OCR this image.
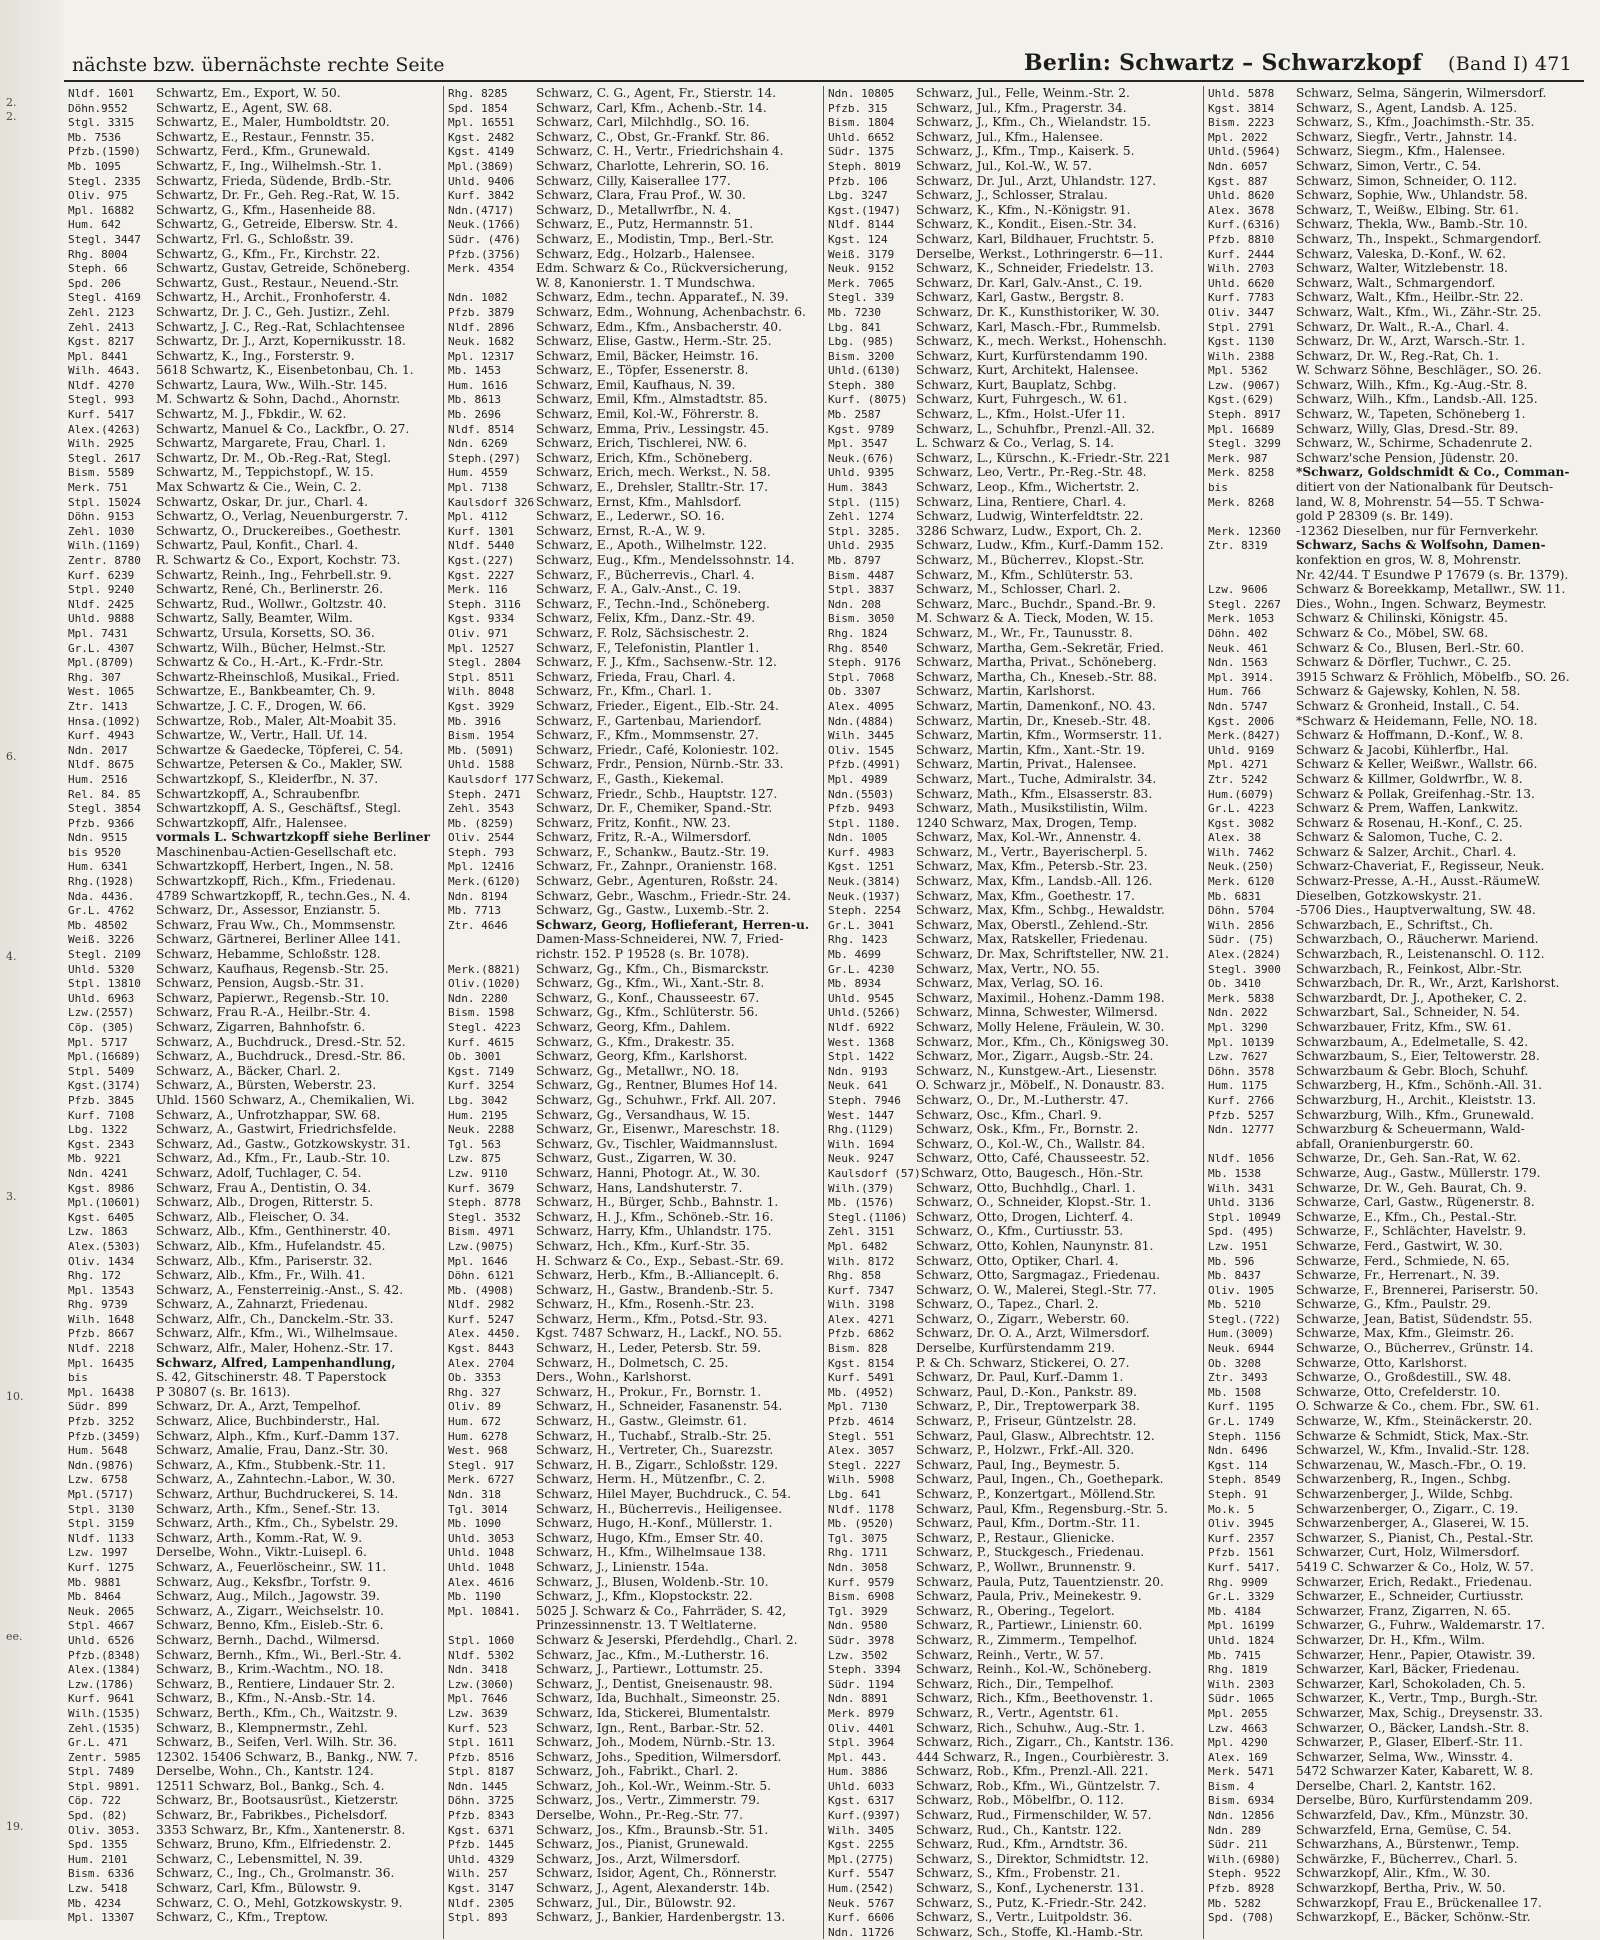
nächste bzw. übernächste rechte Seite	Berlin: Schwartz – Schwarzkopf (Band I) 471
2.
2.
6.
4.
3.
10.
ee.
19.
Nldf. 1601	Schwartz, Em., Export, W. 50.
Döhn.9552	Schwartz, E., Agent, SW. 68.
Stgl. 3315	Schwartz, E., Maler, Humboldtstr. 20.
Mb. 7536	Schwartz, E., Restaur., Fennstr. 35.
Pfzb.(1590)	Schwartz, Ferd., Kfm., Grunewald.
Mb. 1095	Schwartz, F., Ing., Wilhelmsh.-Str. 1.
Stegl. 2335	Schwartz, Frieda, Südende, Brdb.-Str.
Oliv. 975	Schwartz, Dr. Fr., Geh. Reg.-Rat, W. 15.
Mpl. 16882	Schwartz, G., Kfm., Hasenheide 88.
Hum. 642	Schwartz, G., Getreide, Elbersw. Str. 4.
Stegl. 3447	Schwartz, Frl. G., Schloßstr. 39.
Rhg. 8004	Schwartz, G., Kfm., Fr., Kirchstr. 22.
Steph. 66	Schwartz, Gustav, Getreide, Schöneberg.
Spd. 206	Schwartz, Gust., Restaur., Neuend.-Str.
Stegl. 4169	Schwartz, H., Archit., Fronhoferstr. 4.
Zehl. 2123	Schwartz, Dr. J. C., Geh. Justizr., Zehl.
Zehl. 2413	Schwartz, J. C., Reg.-Rat, Schlachtensee
Kgst. 8217	Schwartz, Dr. J., Arzt, Kopernikusstr. 18.
Mpl. 8441	Schwartz, K., Ing., Forsterstr. 9.
Wilh. 4643.	5618 Schwartz, K., Eisenbetonbau, Ch. 1.
Nldf. 4270	Schwartz, Laura, Ww., Wilh.-Str. 145.
Stegl. 993	M. Schwartz & Sohn, Dachd., Ahornstr.
Kurf. 5417	Schwartz, M. J., Fbkdir., W. 62.
Alex.(4263)	Schwartz, Manuel & Co., Lackfbr., O. 27.
Wilh. 2925	Schwartz, Margarete, Frau, Charl. 1.
Stegl. 2617	Schwartz, Dr. M., Ob.-Reg.-Rat, Stegl.
Bism. 5589	Schwartz, M., Teppichstopf., W. 15.
Merk. 751	Max Schwartz & Cie., Wein, C. 2.
Stpl. 15024	Schwartz, Oskar, Dr. jur., Charl. 4.
Döhn. 9153	Schwartz, O., Verlag, Neuenburgerstr. 7.
Zehl. 1030	Schwartz, O., Druckereibes., Goethestr.
Wilh.(1169)	Schwartz, Paul, Konfit., Charl. 4.
Zentr. 8780	R. Schwartz & Co., Export, Kochstr. 73.
Kurf. 6239	Schwartz, Reinh., Ing., Fehrbell.str. 9.
Stpl. 9240	Schwartz, René, Ch., Berlinerstr. 26.
Nldf. 2425	Schwartz, Rud., Wollwr., Goltzstr. 40.
Uhld. 9888	Schwartz, Sally, Beamter, Wilm.
Mpl. 7431	Schwartz, Ursula, Korsetts, SO. 36.
Gr.L. 4307	Schwartz, Wilh., Bücher, Helmst.-Str.
Mpl.(8709)	Schwartz & Co., H.-Art., K.-Frdr.-Str.
Rhg. 307	Schwartz-Rheinschloß, Musikal., Fried.
West. 1065	Schwartze, E., Bankbeamter, Ch. 9.
Ztr. 1413	Schwartze, J. C. F., Drogen, W. 66.
Hnsa.(1092)	Schwartze, Rob., Maler, Alt-Moabit 35.
Kurf. 4943	Schwartze, W., Vertr., Hall. Uf. 14.
Ndn. 2017	Schwartze & Gaedecke, Töpferei, C. 54.
Nldf. 8675	Schwartze, Petersen & Co., Makler, SW.
Hum. 2516	Schwartzkopf, S., Kleiderfbr., N. 37.
Rel. 84. 85	Schwartzkopff, A., Schraubenfbr.
Stegl. 3854	Schwartzkopff, A. S., Geschäftsf., Stegl.
Pfzb. 9366	Schwartzkopff, Alfr., Halensee.
Ndn. 9515	vormals L. Schwartzkopff siehe Berliner
bis 9520	Maschinenbau-Actien-Gesellschaft etc.
Hum. 6341	Schwartzkopff, Herbert, Ingen., N. 58.
Rhg.(1928)	Schwartzkopff, Rich., Kfm., Friedenau.
Nda. 4436.	4789 Schwartzkopff, R., techn.Ges., N. 4.
Gr.L. 4762	Schwarz, Dr., Assessor, Enzianstr. 5.
Mb. 48502	Schwarz, Frau Ww., Ch., Mommsenstr.
Weiß. 3226	Schwarz, Gärtnerei, Berliner Allee 141.
Stegl. 2109	Schwarz, Hebamme, Schloßstr. 128.
Uhld. 5320	Schwarz, Kaufhaus, Regensb.-Str. 25.
Stpl. 13810	Schwarz, Pension, Augsb.-Str. 31.
Uhld. 6963	Schwarz, Papierwr., Regensb.-Str. 10.
Lzw.(2557)	Schwarz, Frau R.-A., Heilbr.-Str. 4.
Cöp. (305)	Schwarz, Zigarren, Bahnhofstr. 6.
Mpl. 5717	Schwarz, A., Buchdruck., Dresd.-Str. 52.
Mpl.(16689)	Schwarz, A., Buchdruck., Dresd.-Str. 86.
Stpl. 5409	Schwarz, A., Bäcker, Charl. 2.
Kgst.(3174)	Schwarz, A., Bürsten, Weberstr. 23.
Pfzb. 3845	Uhld. 1560 Schwarz, A., Chemikalien, Wi.
Kurf. 7108	Schwarz, A., Unfrotzhappar, SW. 68.
Lbg. 1322	Schwarz, A., Gastwirt, Friedrichsfelde.
Kgst. 2343	Schwarz, Ad., Gastw., Gotzkowskystr. 31.
Mb. 9221	Schwarz, Ad., Kfm., Fr., Laub.-Str. 10.
Ndn. 4241	Schwarz, Adolf, Tuchlager, C. 54.
Kgst. 8986	Schwarz, Frau A., Dentistin, O. 34.
Mpl.(10601)	Schwarz, Alb., Drogen, Ritterstr. 5.
Kgst. 6405	Schwarz, Alb., Fleischer, O. 34.
Lzw. 1863	Schwarz, Alb., Kfm., Genthinerstr. 40.
Alex.(5303)	Schwarz, Alb., Kfm., Hufelandstr. 45.
Oliv. 1434	Schwarz, Alb., Kfm., Pariserstr. 32.
Rhg. 172	Schwarz, Alb., Kfm., Fr., Wilh. 41.
Mpl. 13543	Schwarz, A., Fensterreinig.-Anst., S. 42.
Rhg. 9739	Schwarz, A., Zahnarzt, Friedenau.
Wilh. 1648	Schwarz, Alfr., Ch., Danckelm.-Str. 33.
Pfzb. 8667	Schwarz, Alfr., Kfm., Wi., Wilhelmsaue.
Nldf. 2218	Schwarz, Alfr., Maler, Hohenz.-Str. 17.
Mpl. 16435	Schwarz, Alfred, Lampenhandlung,
bis	S. 42, Gitschinerstr. 48. T Paperstock
Mpl. 16438	P 30807 (s. Br. 1613).
Südr. 899	Schwarz, Dr. A., Arzt, Tempelhof.
Pfzb. 3252	Schwarz, Alice, Buchbinderstr., Hal.
Pfzb.(3459)	Schwarz, Alph., Kfm., Kurf.-Damm 137.
Hum. 5648	Schwarz, Amalie, Frau, Danz.-Str. 30.
Ndn.(9876)	Schwarz, A., Kfm., Stubbenk.-Str. 11.
Lzw. 6758	Schwarz, A., Zahntechn.-Labor., W. 30.
Mpl.(5717)	Schwarz, Arthur, Buchdruckerei, S. 14.
Stpl. 3130	Schwarz, Arth., Kfm., Senef.-Str. 13.
Stpl. 3159	Schwarz, Arth., Kfm., Ch., Sybelstr. 29.
Nldf. 1133	Schwarz, Arth., Komm.-Rat, W. 9.
Lzw. 1997	Derselbe, Wohn., Viktr.-Luisepl. 6.
Kurf. 1275	Schwarz, A., Feuerlöscheinr., SW. 11.
Mb. 9881	Schwarz, Aug., Keksfbr., Torfstr. 9.
Mb. 8464	Schwarz, Aug., Milch., Jagowstr. 39.
Neuk. 2065	Schwarz, A., Zigarr., Weichselstr. 10.
Stpl. 4667	Schwarz, Benno, Kfm., Eisleb.-Str. 6.
Uhld. 6526	Schwarz, Bernh., Dachd., Wilmersd.
Pfzb.(8348)	Schwarz, Bernh., Kfm., Wi., Berl.-Str. 4.
Alex.(1384)	Schwarz, B., Krim.-Wachtm., NO. 18.
Lzw.(1786)	Schwarz, B., Rentiere, Lindauer Str. 2.
Kurf. 9641	Schwarz, B., Kfm., N.-Ansb.-Str. 14.
Wilh.(1535)	Schwarz, Berth., Kfm., Ch., Waitzstr. 9.
Zehl.(1535)	Schwarz, B., Klempnermstr., Zehl.
Gr.L. 471	Schwarz, B., Seifen, Verl. Wilh. Str. 36.
Zentr. 5985	12302. 15406 Schwarz, B., Bankg., NW. 7.
Stpl. 7489	Derselbe, Wohn., Ch., Kantstr. 124.
Stpl. 9891.	12511 Schwarz, Bol., Bankg., Sch. 4.
Cöp. 722	Schwarz, Br., Bootsausrüst., Kietzerstr.
Spd. (82)	Schwarz, Br., Fabrikbes., Pichelsdorf.
Oliv. 3053.	3353 Schwarz, Br., Kfm., Xantenerstr. 8.
Spd. 1355	Schwarz, Bruno, Kfm., Elfriedenstr. 2.
Hum. 2101	Schwarz, C., Lebensmittel, N. 39.
Bism. 6336	Schwarz, C., Ing., Ch., Grolmanstr. 36.
Lzw. 5418	Schwarz, Carl, Kfm., Bülowstr. 9.
Mb. 4234	Schwarz, C. O., Mehl, Gotzkowskystr. 9.
Mpl. 13307	Schwarz, C., Kfm., Treptow.
Rhg. 8285	Schwarz, C. G., Agent, Fr., Stierstr. 14.
Spd. 1854	Schwarz, Carl, Kfm., Achenb.-Str. 14.
Mpl. 16551	Schwarz, Carl, Milchhdlg., SO. 16.
Kgst. 2482	Schwarz, C., Obst, Gr.-Frankf. Str. 86.
Kgst. 4149	Schwarz, C. H., Vertr., Friedrichshain 4.
Mpl.(3869)	Schwarz, Charlotte, Lehrerin, SO. 16.
Uhld. 9406	Schwarz, Cilly, Kaiserallee 177.
Kurf. 3842	Schwarz, Clara, Frau Prof., W. 30.
Ndn.(4717)	Schwarz, D., Metallwrfbr., N. 4.
Neuk.(1766)	Schwarz, E., Putz, Hermannstr. 51.
Südr. (476)	Schwarz, E., Modistin, Tmp., Berl.-Str.
Pfzb.(3756)	Schwarz, Edg., Holzarb., Halensee.
Merk. 4354	Edm. Schwarz & Co., Rückversicherung,
W. 8, Kanonierstr. 1. T Mundschwa.
Ndn. 1082	Schwarz, Edm., techn. Apparatef., N. 39.
Pfzb. 3879	Schwarz, Edm., Wohnung, Achenbachstr. 6.
Nldf. 2896	Schwarz, Edm., Kfm., Ansbacherstr. 40.
Neuk. 1682	Schwarz, Elise, Gastw., Herm.-Str. 25.
Mpl. 12317	Schwarz, Emil, Bäcker, Heimstr. 16.
Mb. 1453	Schwarz, E., Töpfer, Essenerstr. 8.
Hum. 1616	Schwarz, Emil, Kaufhaus, N. 39.
Mb. 8613	Schwarz, Emil, Kfm., Almstadtstr. 85.
Mb. 2696	Schwarz, Emil, Kol.-W., Föhrerstr. 8.
Nldf. 8514	Schwarz, Emma, Priv., Lessingstr. 45.
Ndn. 6269	Schwarz, Erich, Tischlerei, NW. 6.
Steph.(297)	Schwarz, Erich, Kfm., Schöneberg.
Hum. 4559	Schwarz, Erich, mech. Werkst., N. 58.
Mpl. 7138	Schwarz, E., Drehsler, Stalltr.-Str. 17.
Kaulsdorf 326 Schwarz, Ernst, Kfm., Mahlsdorf.
Mpl. 4112	Schwarz, E., Lederwr., SO. 16.
Kurf. 1301	Schwarz, Ernst, R.-A., W. 9.
Nldf. 5440	Schwarz, E., Apoth., Wilhelmstr. 122.
Kgst.(227)	Schwarz, Eug., Kfm., Mendelssohnstr. 14.
Kgst. 2227	Schwarz, F., Bücherrevis., Charl. 4.
Merk. 116	Schwarz, F. A., Galv.-Anst., C. 19.
Steph. 3116	Schwarz, F., Techn.-Ind., Schöneberg.
Kgst. 9334	Schwarz, Felix, Kfm., Danz.-Str. 49.
Oliv. 971	Schwarz, F. Rolz, Sächsischestr. 2.
Mpl. 12527	Schwarz, F., Telefonistin, Plantler 1.
Stegl. 2804	Schwarz, F. J., Kfm., Sachsenw.-Str. 12.
Stpl. 8511	Schwarz, Frieda, Frau, Charl. 4.
Wilh. 8048	Schwarz, Fr., Kfm., Charl. 1.
Kgst. 3929	Schwarz, Frieder., Eigent., Elb.-Str. 24.
Mb. 3916	Schwarz, F., Gartenbau, Mariendorf.
Bism. 1954	Schwarz, F., Kfm., Mommsenstr. 27.
Mb. (5091)	Schwarz, Friedr., Café, Koloniestr. 102.
Uhld. 1588	Schwarz, Frdr., Pension, Nürnb.-Str. 33.
Kaulsdorf 177 Schwarz, F., Gasth., Kiekemal.
Steph. 2471	Schwarz, Friedr., Schb., Hauptstr. 127.
Zehl. 3543	Schwarz, Dr. F., Chemiker, Spand.-Str.
Mb. (8259)	Schwarz, Fritz, Konfit., NW. 23.
Oliv. 2544	Schwarz, Fritz, R.-A., Wilmersdorf.
Steph. 793	Schwarz, F., Schankw., Bautz.-Str. 19.
Mpl. 12416	Schwarz, Fr., Zahnpr., Oranienstr. 168.
Merk.(6120)	Schwarz, Gebr., Agenturen, Roßstr. 24.
Ndn. 8194	Schwarz, Gebr., Waschm., Friedr.-Str. 24.
Mb. 7713	Schwarz, Gg., Gastw., Luxemb.-Str. 2.
Ztr. 4646	Schwarz, Georg, Hoflieferant, Herren-u.
Damen-Mass-Schneiderei, NW. 7, Fried-
richstr. 152. P 19528 (s. Br. 1078).
Merk.(8821)	Schwarz, Gg., Kfm., Ch., Bismarckstr.
Oliv.(1020)	Schwarz, Gg., Kfm., Wi., Xant.-Str. 8.
Ndn. 2280	Schwarz, G., Konf., Chausseestr. 67.
Bism. 1598	Schwarz, Gg., Kfm., Schlüterstr. 56.
Stegl. 4223	Schwarz, Georg, Kfm., Dahlem.
Kurf. 4615	Schwarz, G., Kfm., Drakestr. 35.
Ob. 3001	Schwarz, Georg, Kfm., Karlshorst.
Kgst. 7149	Schwarz, Gg., Metallwr., NO. 18.
Kurf. 3254	Schwarz, Gg., Rentner, Blumes Hof 14.
Lbg. 3042	Schwarz, Gg., Schuhwr., Frkf. All. 207.
Hum. 2195	Schwarz, Gg., Versandhaus, W. 15.
Neuk. 2288	Schwarz, Gr., Eisenwr., Mareschstr. 18.
Tgl. 563	Schwarz, Gv., Tischler, Waidmannslust.
Lzw. 875	Schwarz, Gust., Zigarren, W. 30.
Lzw. 9110	Schwarz, Hanni, Photogr. At., W. 30.
Kurf. 3679	Schwarz, Hans, Landshuterstr. 7.
Steph. 8778	Schwarz, H., Bürger, Schb., Bahnstr. 1.
Stegl. 3532	Schwarz, H. J., Kfm., Schöneb.-Str. 16.
Bism. 4971	Schwarz, Harry, Kfm., Uhlandstr. 175.
Lzw.(9075)	Schwarz, Hch., Kfm., Kurf.-Str. 35.
Mpl. 1646	H. Schwarz & Co., Exp., Sebast.-Str. 69.
Döhn. 6121	Schwarz, Herb., Kfm., B.-Allianceplt. 6.
Mb. (4908)	Schwarz, H., Gastw., Brandenb.-Str. 5.
Nldf. 2982	Schwarz, H., Kfm., Rosenh.-Str. 23.
Kurf. 5247	Schwarz, Herm., Kfm., Potsd.-Str. 93.
Alex. 4450.	Kgst. 7487 Schwarz, H., Lackf., NO. 55.
Kgst. 8443	Schwarz, H., Leder, Petersb. Str. 59.
Alex. 2704	Schwarz, H., Dolmetsch, C. 25.
Ob. 3353	Ders., Wohn., Karlshorst.
Rhg. 327	Schwarz, H., Prokur., Fr., Bornstr. 1.
Oliv. 89	Schwarz, H., Schneider, Fasanenstr. 54.
Hum. 672	Schwarz, H., Gastw., Gleimstr. 61.
Hum. 6278	Schwarz, H., Tuchabf., Stralb.-Str. 25.
West. 968	Schwarz, H., Vertreter, Ch., Suarezstr.
Stegl. 917	Schwarz, H. B., Zigarr., Schloßstr. 129.
Merk. 6727	Schwarz, Herm. H., Mützenfbr., C. 2.
Ndn. 318	Schwarz, Hilel Mayer, Buchdruck., C. 54.
Tgl. 3014	Schwarz, H., Bücherrevis., Heiligensee.
Mb. 1090	Schwarz, Hugo, H.-Konf., Müllerstr. 1.
Uhld. 3053	Schwarz, Hugo, Kfm., Emser Str. 40.
Uhld. 1048	Schwarz, H., Kfm., Wilhelmsaue 138.
Uhld. 1048	Schwarz, J., Linienstr. 154a.
Alex. 4616	Schwarz, J., Blusen, Woldenb.-Str. 10.
Mb. 1190	Schwarz, J., Kfm., Klopstockstr. 22.
Mpl. 10841.	5025 J. Schwarz & Co., Fahrräder, S. 42,
Prinzessinnenstr. 13. T Weltlaterne.
Stpl. 1060	Schwarz & Jeserski, Pferdehdlg., Charl. 2.
Nldf. 5302	Schwarz, Jac., Kfm., M.-Lutherstr. 16.
Ndn. 3418	Schwarz, J., Partiewr., Lottumstr. 25.
Lzw.(3060)	Schwarz, J., Dentist, Gneisenaustr. 98.
Mpl. 7646	Schwarz, Ida, Buchhalt., Simeonstr. 25.
Lzw. 3639	Schwarz, Ida, Stickerei, Blumentalstr.
Kurf. 523	Schwarz, Ign., Rent., Barbar.-Str. 52.
Stpl. 1611	Schwarz, Joh., Modem, Nürnb.-Str. 13.
Pfzb. 8516	Schwarz, Johs., Spedition, Wilmersdorf.
Stpl. 8187	Schwarz, Joh., Fabrikt., Charl. 2.
Ndn. 1445	Schwarz, Joh., Kol.-Wr., Weinm.-Str. 5.
Döhn. 3725	Schwarz, Jos., Vertr., Zimmerstr. 79.
Pfzb. 8343	Derselbe, Wohn., Pr.-Reg.-Str. 77.
Kgst. 6371	Schwarz, Jos., Kfm., Braunsb.-Str. 51.
Pfzb. 1445	Schwarz, Jos., Pianist, Grunewald.
Uhld. 4329	Schwarz, Jos., Arzt, Wilmersdorf.
Wilh. 257	Schwarz, Isidor, Agent, Ch., Rönnerstr.
Kgst. 3147	Schwarz, J., Agent, Alexanderstr. 14b.
Nldf. 2305	Schwarz, Jul., Dir., Bülowstr. 92.
Stpl. 893	Schwarz, J., Bankier, Hardenbergstr. 13.
Ndn. 10805	Schwarz, Jul., Felle, Weinm.-Str. 2.
Pfzb. 315	Schwarz, Jul., Kfm., Pragerstr. 34.
Bism. 1804	Schwarz, J., Kfm., Ch., Wielandstr. 15.
Uhld. 6652	Schwarz, Jul., Kfm., Halensee.
Südr. 1375	Schwarz, J., Kfm., Tmp., Kaiserk. 5.
Steph. 8019	Schwarz, Jul., Kol.-W., W. 57.
Pfzb. 106	Schwarz, Dr. Jul., Arzt, Uhlandstr. 127.
Lbg. 3247	Schwarz, J., Schlosser, Stralau.
Kgst.(1947)	Schwarz, K., Kfm., N.-Königstr. 91.
Nldf. 8144	Schwarz, K., Kondit., Eisen.-Str. 34.
Kgst. 124	Schwarz, Karl, Bildhauer, Fruchtstr. 5.
Weiß. 3179	Derselbe, Werkst., Lothringerstr. 6—11.
Neuk. 9152	Schwarz, K., Schneider, Friedelstr. 13.
Merk. 7065	Schwarz, Dr. Karl, Galv.-Anst., C. 19.
Stegl. 339	Schwarz, Karl, Gastw., Bergstr. 8.
Mb. 7230	Schwarz, Dr. K., Kunsthistoriker, W. 30.
Lbg. 841	Schwarz, Karl, Masch.-Fbr., Rummelsb.
Lbg. (985)	Schwarz, K., mech. Werkst., Hohenschh.
Bism. 3200	Schwarz, Kurt, Kurfürstendamm 190.
Uhld.(6130)	Schwarz, Kurt, Architekt, Halensee.
Steph. 380	Schwarz, Kurt, Bauplatz, Schbg.
Kurf. (8075) Schwarz, Kurt, Fuhrgesch., W. 61.
Mb. 2587	Schwarz, L., Kfm., Holst.-Ufer 11.
Kgst. 9789	Schwarz, L., Schuhfbr., Prenzl.-All. 32.
Mpl. 3547	L. Schwarz & Co., Verlag, S. 14.
Neuk.(676)	Schwarz, L., Kürschn., K.-Friedr.-Str. 221
Uhld. 9395	Schwarz, Leo, Vertr., Pr.-Reg.-Str. 48.
Hum. 3843	Schwarz, Leop., Kfm., Wichertstr. 2.
Stpl. (115)	Schwarz, Lina, Rentiere, Charl. 4.
Zehl. 1274	Schwarz, Ludwig, Winterfeldtstr. 22.
Stpl. 3285.	3286 Schwarz, Ludw., Export, Ch. 2.
Uhld. 2935	Schwarz, Ludw., Kfm., Kurf.-Damm 152.
Mb. 8797	Schwarz, M., Bücherrev., Klopst.-Str.
Bism. 4487	Schwarz, M., Kfm., Schlüterstr. 53.
Stpl. 3837	Schwarz, M., Schlosser, Charl. 2.
Ndn. 208	Schwarz, Marc., Buchdr., Spand.-Br. 9.
Bism. 3050	M. Schwarz & A. Tieck, Moden, W. 15.
Rhg. 1824	Schwarz, M., Wr., Fr., Taunusstr. 8.
Rhg. 8540	Schwarz, Martha, Gem.-Sekretär, Fried.
Steph. 9176	Schwarz, Martha, Privat., Schöneberg.
Stpl. 7068	Schwarz, Martha, Ch., Kneseb.-Str. 88.
Ob. 3307	Schwarz, Martin, Karlshorst.
Alex. 4095	Schwarz, Martin, Damenkonf., NO. 43.
Ndn.(4884)	Schwarz, Martin, Dr., Kneseb.-Str. 48.
Wilh. 3445	Schwarz, Martin, Kfm., Wormserstr. 11.
Oliv. 1545	Schwarz, Martin, Kfm., Xant.-Str. 19.
Pfzb.(4991)	Schwarz, Martin, Privat., Halensee.
Mpl. 4989	Schwarz, Mart., Tuche, Admiralstr. 34.
Ndn.(5503)	Schwarz, Math., Kfm., Elsasserstr. 83.
Pfzb. 9493	Schwarz, Math., Musikstilistin, Wilm.
Stpl. 1180.	1240 Schwarz, Max, Drogen, Temp.
Ndn. 1005	Schwarz, Max, Kol.-Wr., Annenstr. 4.
Kurf. 4983	Schwarz, M., Vertr., Bayerischerpl. 5.
Kgst. 1251	Schwarz, Max, Kfm., Petersb.-Str. 23.
Neuk.(3814)	Schwarz, Max, Kfm., Landsb.-All. 126.
Neuk.(1937)	Schwarz, Max, Kfm., Goethestr. 17.
Steph. 2254	Schwarz, Max, Kfm., Schbg., Hewaldstr.
Gr.L. 3041	Schwarz, Max, Oberstl., Zehlend.-Str.
Rhg. 1423	Schwarz, Max, Ratskeller, Friedenau.
Mb. 4699	Schwarz, Dr. Max, Schriftsteller, NW. 21.
Gr.L. 4230	Schwarz, Max, Vertr., NO. 55.
Mb. 8934	Schwarz, Max, Verlag, SO. 16.
Uhld. 9545	Schwarz, Maximil., Hohenz.-Damm 198.
Uhld.(5266)	Schwarz, Minna, Schwester, Wilmersd.
Nldf. 6922	Schwarz, Molly Helene, Fräulein, W. 30.
West. 1368	Schwarz, Mor., Kfm., Ch., Königsweg 30.
Stpl. 1422	Schwarz, Mor., Zigarr., Augsb.-Str. 24.
Ndn. 9193	Schwarz, N., Kunstgew.-Art., Liesenstr.
Neuk. 641	O. Schwarz jr., Möbelf., N. Donaustr. 83.
Steph. 7946	Schwarz, O., Dr., M.-Lutherstr. 47.
West. 1447	Schwarz, Osc., Kfm., Charl. 9.
Rhg.(1129)	Schwarz, Osk., Kfm., Fr., Bornstr. 2.
Wilh. 1694	Schwarz, O., Kol.-W., Ch., Wallstr. 84.
Neuk. 9247	Schwarz, Otto, Café, Chausseestr. 52.
Kaulsdorf (57) Schwarz, Otto, Baugesch., Hön.-Str.
Wilh.(379)	Schwarz, Otto, Buchhdlg., Charl. 1.
Mb. (1576)	Schwarz, O., Schneider, Klopst.-Str. 1.
Stegl.(1106) Schwarz, Otto, Drogen, Lichterf. 4.
Zehl. 3151	Schwarz, O., Kfm., Curtiusstr. 53.
Mpl. 6482	Schwarz, Otto, Kohlen, Naunynstr. 81.
Wilh. 8172	Schwarz, Otto, Optiker, Charl. 4.
Rhg. 858	Schwarz, Otto, Sargmagaz., Friedenau.
Kurf. 7347	Schwarz, O. W., Malerei, Stegl.-Str. 77.
Wilh. 3198	Schwarz, O., Tapez., Charl. 2.
Alex. 4271	Schwarz, O., Zigarr., Weberstr. 60.
Pfzb. 6862	Schwarz, Dr. O. A., Arzt, Wilmersdorf.
Bism. 828	Derselbe, Kurfürstendamm 219.
Kgst. 8154	P. & Ch. Schwarz, Stickerei, O. 27.
Kurf. 5491	Schwarz, Dr. Paul, Kurf.-Damm 1.
Mb. (4952)	Schwarz, Paul, D.-Kon., Pankstr. 89.
Mpl. 7130	Schwarz, P., Dir., Treptowerpark 38.
Pfzb. 4614	Schwarz, P., Friseur, Güntzelstr. 28.
Stegl. 551	Schwarz, Paul, Glasw., Albrechtstr. 12.
Alex. 3057	Schwarz, P., Holzwr., Frkf.-All. 320.
Stegl. 2227	Schwarz, Paul, Ing., Beymestr. 5.
Wilh. 5908	Schwarz, Paul, Ingen., Ch., Goethepark.
Lbg. 641	Schwarz, P., Konzertgart., Möllend.Str.
Nldf. 1178	Schwarz, Paul, Kfm., Regensburg.-Str. 5.
Mb. (9520)	Schwarz, Paul, Kfm., Dortm.-Str. 11.
Tgl. 3075	Schwarz, P., Restaur., Glienicke.
Rhg. 1711	Schwarz, P., Stuckgesch., Friedenau.
Ndn. 3058	Schwarz, P., Wollwr., Brunnenstr. 9.
Kurf. 9579	Schwarz, Paula, Putz, Tauentzienstr. 20.
Bism. 6908	Schwarz, Paula, Priv., Meinekestr. 9.
Tgl. 3929	Schwarz, R., Obering., Tegelort.
Ndn. 9580	Schwarz, R., Partiewr., Linienstr. 60.
Südr. 3978	Schwarz, R., Zimmerm., Tempelhof.
Lzw. 3502	Schwarz, Reinh., Vertr., W. 57.
Steph. 3394	Schwarz, Reinh., Kol.-W., Schöneberg.
Südr. 1194	Schwarz, Rich., Dir., Tempelhof.
Ndn. 8891	Schwarz, Rich., Kfm., Beethovenstr. 1.
Merk. 8979	Schwarz, R., Vertr., Agentstr. 61.
Oliv. 4401	Schwarz, Rich., Schuhw., Aug.-Str. 1.
Stpl. 3964	Schwarz, Rich., Zigarr., Ch., Kantstr. 136.
Mpl. 443.	444 Schwarz, R., Ingen., Courbièrestr. 3.
Hum. 3886	Schwarz, Rob., Kfm., Prenzl.-All. 221.
Uhld. 6033	Schwarz, Rob., Kfm., Wi., Güntzelstr. 7.
Kgst. 6317	Schwarz, Rob., Möbelfbr., O. 112.
Kurf.(9397)	Schwarz, Rud., Firmenschilder, W. 57.
Wilh. 3405	Schwarz, Rud., Ch., Kantstr. 122.
Kgst. 2255	Schwarz, Rud., Kfm., Arndtstr. 36.
Mpl.(2775)	Schwarz, S., Direktor, Schmidtstr. 12.
Kurf. 5547	Schwarz, S., Kfm., Frobenstr. 21.
Hum.(2542)	Schwarz, S., Konf., Lychenerstr. 131.
Neuk. 5767	Schwarz, S., Putz, K.-Friedr.-Str. 242.
Kurf. 6606	Schwarz, S., Vertr., Luitpoldstr. 36.
Ndn. 11726	Schwarz, Sch., Stoffe, Kl.-Hamb.-Str.
Uhld. 5878	Schwarz, Selma, Sängerin, Wilmersdorf.
Kgst. 3814	Schwarz, S., Agent, Landsb. A. 125.
Bism. 2223	Schwarz, S., Kfm., Joachimsth.-Str. 35.
Mpl. 2022	Schwarz, Siegfr., Vertr., Jahnstr. 14.
Uhld.(5964)	Schwarz, Siegm., Kfm., Halensee.
Ndn. 6057	Schwarz, Simon, Vertr., C. 54.
Kgst. 887	Schwarz, Simon, Schneider, O. 112.
Uhld. 8620	Schwarz, Sophie, Ww., Uhlandstr. 58.
Alex. 3678	Schwarz, T., Weißw., Elbing. Str. 61.
Kurf.(6316)	Schwarz, Thekla, Ww., Bamb.-Str. 10.
Pfzb. 8810	Schwarz, Th., Inspekt., Schmargendorf.
Kurf. 2444	Schwarz, Valeska, D.-Konf., W. 62.
Wilh. 2703	Schwarz, Walter, Witzlebenstr. 18.
Uhld. 6620	Schwarz, Walt., Schmargendorf.
Kurf. 7783	Schwarz, Walt., Kfm., Heilbr.-Str. 22.
Oliv. 3447	Schwarz, Walt., Kfm., Wi., Zähr.-Str. 25.
Stpl. 2791	Schwarz, Dr. Walt., R.-A., Charl. 4.
Kgst. 1130	Schwarz, Dr. W., Arzt, Warsch.-Str. 1.
Wilh. 2388	Schwarz, Dr. W., Reg.-Rat, Ch. 1.
Mpl. 5362	W. Schwarz Söhne, Beschläger., SO. 26.
Lzw. (9067)	Schwarz, Wilh., Kfm., Kg.-Aug.-Str. 8.
Kgst.(629)	Schwarz, Wilh., Kfm., Landsb.-All. 125.
Steph. 8917	Schwarz, W., Tapeten, Schöneberg 1.
Mpl. 16689	Schwarz, Willy, Glas, Dresd.-Str. 89.
Stegl. 3299	Schwarz, W., Schirme, Schadenrute 2.
Merk. 987	Schwarz'sche Pension, Jüdenstr. 20.
Merk. 8258	*Schwarz, Goldschmidt & Co., Comman-
bis	ditiert von der Nationalbank für Deutsch-
Merk. 8268	land, W. 8, Mohrenstr. 54—55. T Schwa-
gold P 28309 (s. Br. 149).
Merk. 12360	-12362 Dieselben, nur für Fernverkehr.
Ztr. 8319	Schwarz, Sachs & Wolfsohn, Damen-
konfektion en gros, W. 8, Mohrenstr.
Nr. 42/44. T Esundwe P 17679 (s. Br. 1379).
Lzw. 9606	Schwarz & Boreekkamp, Metallwr., SW. 11.
Stegl. 2267	Dies., Wohn., Ingen. Schwarz, Beymestr.
Merk. 1053	Schwarz & Chilinski, Königstr. 45.
Döhn. 402	Schwarz & Co., Möbel, SW. 68.
Neuk. 461	Schwarz & Co., Blusen, Berl.-Str. 60.
Ndn. 1563	Schwarz & Dörfler, Tuchwr., C. 25.
Mpl. 3914.	3915 Schwarz & Fröhlich, Möbelfb., SO. 26.
Hum. 766	Schwarz & Gajewsky, Kohlen, N. 58.
Ndn. 5747	Schwarz & Gronheid, Install., C. 54.
Kgst. 2006	*Schwarz & Heidemann, Felle, NO. 18.
Merk.(8427)	Schwarz & Hoffmann, D.-Konf., W. 8.
Uhld. 9169	Schwarz & Jacobi, Kühlerfbr., Hal.
Mpl. 4271	Schwarz & Keller, Weißwr., Wallstr. 66.
Ztr. 5242	Schwarz & Killmer, Goldwrfbr., W. 8.
Hum.(6079)	Schwarz & Pollak, Greifenhag.-Str. 13.
Gr.L. 4223	Schwarz & Prem, Waffen, Lankwitz.
Kgst. 3082	Schwarz & Rosenau, H.-Konf., C. 25.
Alex. 38	Schwarz & Salomon, Tuche, C. 2.
Wilh. 7462	Schwarz & Salzer, Archit., Charl. 4.
Neuk.(250)	Schwarz-Chaveriat, F., Regisseur, Neuk.
Merk. 6120	Schwarz-Presse, A.-H., Ausst.-RäumeW.
Mb. 6831	Dieselben, Gotzkowskystr. 21.
Döhn. 5704	-5706 Dies., Hauptverwaltung, SW. 48.
Wilh. 2856	Schwarzbach, E., Schriftst., Ch.
Südr. (75)	Schwarzbach, O., Räucherwr. Mariend.
Alex.(2824)	Schwarzbach, R., Leistenanschl. O. 112.
Stegl. 3900	Schwarzbach, R., Feinkost, Albr.-Str.
Ob. 3410	Schwarzbach, Dr. R., Wr., Arzt, Karlshorst.
Merk. 5838	Schwarzbardt, Dr. J., Apotheker, C. 2.
Ndn. 2022	Schwarzbart, Sal., Schneider, N. 54.
Mpl. 3290	Schwarzbauer, Fritz, Kfm., SW. 61.
Mpl. 10139	Schwarzbaum, A., Edelmetalle, S. 42.
Lzw. 7627	Schwarzbaum, S., Eier, Teltowerstr. 28.
Döhn. 3578	Schwarzbaum & Gebr. Bloch, Schuhf.
Hum. 1175	Schwarzberg, H., Kfm., Schönh.-All. 31.
Kurf. 2766	Schwarzburg, H., Archit., Kleiststr. 13.
Pfzb. 5257	Schwarzburg, Wilh., Kfm., Grunewald.
Ndn. 12777	Schwarzburg & Scheuermann, Wald-
abfall, Oranienburgerstr. 60.
Nldf. 1056	Schwarze, Dr., Geh. San.-Rat, W. 62.
Mb. 1538	Schwarze, Aug., Gastw., Müllerstr. 179.
Wilh. 3431	Schwarze, Dr. W., Geh. Baurat, Ch. 9.
Uhld. 3136	Schwarze, Carl, Gastw., Rügenerstr. 8.
Stpl. 10949	Schwarze, E., Kfm., Ch., Pestal.-Str.
Spd. (495)	Schwarze, F., Schlächter, Havelstr. 9.
Lzw. 1951	Schwarze, Ferd., Gastwirt, W. 30.
Mb. 596	Schwarze, Ferd., Schmiede, N. 65.
Mb. 8437	Schwarze, Fr., Herrenart., N. 39.
Oliv. 1905	Schwarze, F., Brennerei, Pariserstr. 50.
Mb. 5210	Schwarze, G., Kfm., Paulstr. 29.
Stegl.(722)	Schwarze, Jean, Batist, Südendstr. 55.
Hum.(3009)	Schwarze, Max, Kfm., Gleimstr. 26.
Neuk. 6944	Schwarze, O., Bücherrev., Grünstr. 14.
Ob. 3208	Schwarze, Otto, Karlshorst.
Ztr. 3493	Schwarze, O., Großdestill., SW. 48.
Mb. 1508	Schwarze, Otto, Crefelderstr. 10.
Kurf. 1195	O. Schwarze & Co., chem. Fbr., SW. 61.
Gr.L. 1749	Schwarze, W., Kfm., Steinäckerstr. 20.
Steph. 1156	Schwarze & Schmidt, Stick, Max.-Str.
Ndn. 6496	Schwarzel, W., Kfm., Invalid.-Str. 128.
Kgst. 114	Schwarzenau, W., Masch.-Fbr., O. 19.
Steph. 8549	Schwarzenberg, R., Ingen., Schbg.
Steph. 91	Schwarzenberger, J., Wilde, Schbg.
Mo.k. 5	Schwarzenberger, O., Zigarr., C. 19.
Oliv. 3945	Schwarzenberger, A., Glaserei, W. 15.
Kurf. 2357	Schwarzer, S., Pianist, Ch., Pestal.-Str.
Pfzb. 1561	Schwarzer, Curt, Holz, Wilmersdorf.
Kurf. 5417.	5419 C. Schwarzer & Co., Holz, W. 57.
Rhg. 9909	Schwarzer, Erich, Redakt., Friedenau.
Gr.L. 3329	Schwarzer, E., Schneider, Curtiusstr.
Mb. 4184	Schwarzer, Franz, Zigarren, N. 65.
Mpl. 16199	Schwarzer, G., Fuhrw., Waldemarstr. 17.
Uhld. 1824	Schwarzer, Dr. H., Kfm., Wilm.
Mb. 7415	Schwarzer, Henr., Papier, Otawistr. 39.
Rhg. 1819	Schwarzer, Karl, Bäcker, Friedenau.
Wilh. 2303	Schwarzer, Karl, Schokoladen, Ch. 5.
Südr. 1065	Schwarzer, K., Vertr., Tmp., Burgh.-Str.
Mpl. 2055	Schwarzer, Max, Schig., Dreysenstr. 33.
Lzw. 4663	Schwarzer, O., Bäcker, Landsh.-Str. 8.
Mpl. 4290	Schwarzer, P., Glaser, Elberf.-Str. 11.
Alex. 169	Schwarzer, Selma, Ww., Winsstr. 4.
Merk. 5471	5472 Schwarzer Kater, Kabarett, W. 8.
Bism. 4	Derselbe, Charl. 2, Kantstr. 162.
Bism. 6934	Derselbe, Büro, Kurfürstendamm 209.
Ndn. 12856	Schwarzfeld, Dav., Kfm., Münzstr. 30.
Ndn. 289	Schwarzfeld, Erna, Gemüse, C. 54.
Südr. 211	Schwarzhans, A., Bürstenwr., Temp.
Wilh.(6980)	Schwärzke, F., Bücherrev., Charl. 5.
Steph. 9522	Schwarzkopf, Alir., Kfm., W. 30.
Pfzb. 8928	Schwarzkopf, Bertha, Priv., W. 50.
Mb. 5282	Schwarzkopf, Frau E., Brückenallee 17.
Spd. (708)	Schwarzkopf, E., Bäcker, Schönw.-Str.
